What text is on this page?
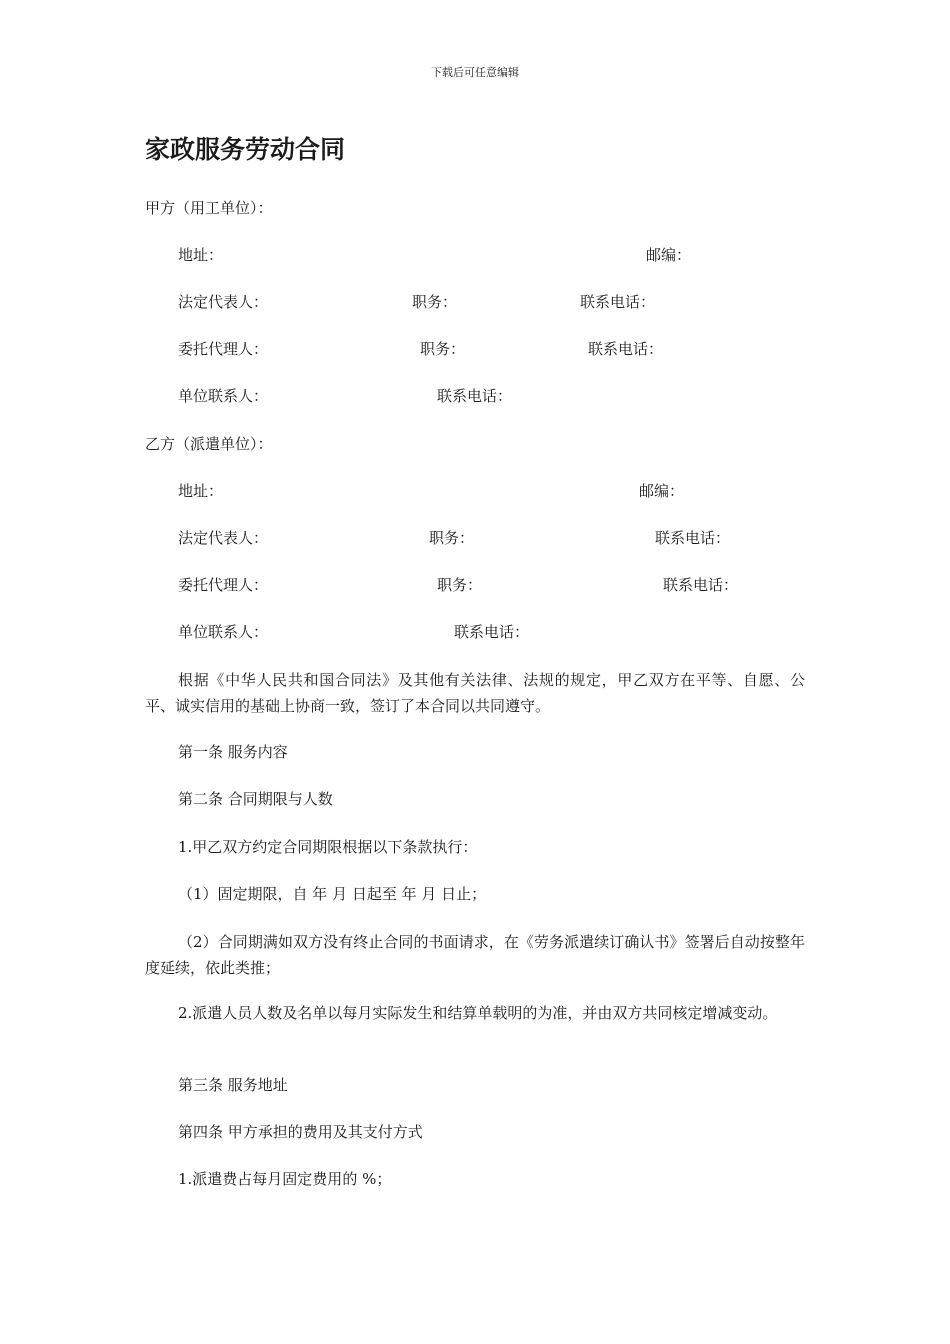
下载后可任意编辑
家政服务劳动合同
甲方（用工单位）：
地址：	邮编：
法定代表人：	职务：	联系电话：
委托代理人：	职务：	联系电话：
单位联系人：	联系电话：
乙方（派遣单位）：
地址：	邮编：
法定代表人：	职务：	联系电话：
委托代理人：	职务：	联系电话：
单位联系人：	联系电话：
根据《中华人民共和国合同法》及其他有关法律、法规的规定，甲乙双方在平等、自愿、公平、诚实信用的基础上协商一致，签订了本合同以共同遵守。
第一条 服务内容
第二条 合同期限与人数
1.甲乙双方约定合同期限根据以下条款执行：
（1）固定期限，自 年 月 日起至 年 月 日止；
（2）合同期满如双方没有终止合同的书面请求，在《劳务派遣续订确认书》签署后自动按整年度延续，依此类推；
2.派遣人员人数及名单以每月实际发生和结算单载明的为准，并由双方共同核定增减变动。
第三条 服务地址
第四条 甲方承担的费用及其支付方式
1.派遣费占每月固定费用的 %；
